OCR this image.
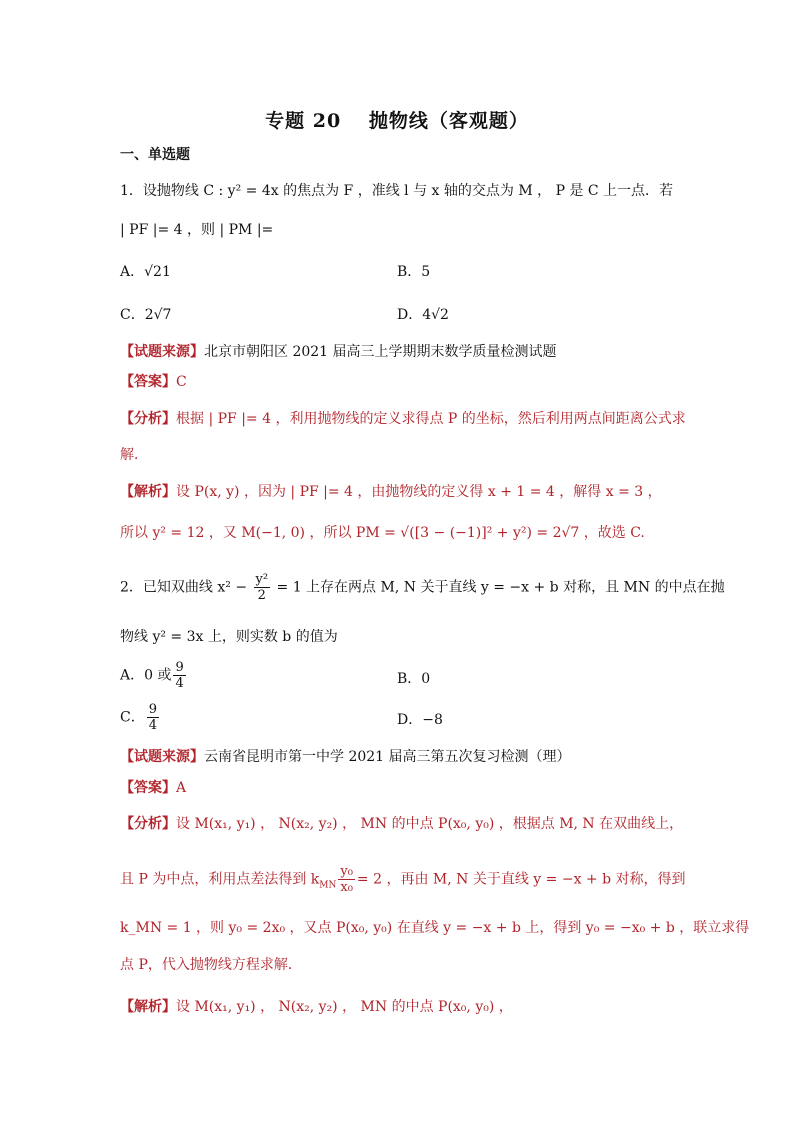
专题 20　 抛物线（客观题）
一、单选题
1．设抛物线 C : y² = 4x 的焦点为 F ，准线 l 与 x 轴的交点为 M ， P 是 C 上一点．若
| PF |= 4 ，则 | PM |=
A．√21	B．5
C．2√7	D．4√2
【试题来源】北京市朝阳区 2021 届高三上学期期末数学质量检测试题
【答案】C
【分析】根据 | PF |= 4 ，利用抛物线的定义求得点 P 的坐标，然后利用两点间距离公式求
解．
【解析】设 P(x, y) ，因为 | PF |= 4 ，由抛物线的定义得 x + 1 = 4 ，解得 x = 3 ，
所以 y² = 12 ，又 M(−1, 0) ，所以 PM = √([3 − (−1)]² + y²) = 2√7 ，故选 C.
2．已知双曲线 $x^2 - \frac{\text{y²}}{2} = 1$ 上存在两点 M, N 关于直线 y = −x + b 对称，且 MN 的中点在抛
物线 y² = 3x 上，则实数 b 的值为
A．0 或 $\frac{9}{4}$	B．0
C． $\frac{9}{4}$	D．−8
【试题来源】云南省昆明市第一中学 2021 届高三第五次复习检测（理）
【答案】A
【分析】设 M(x₁, y₁) ， N(x₂, y₂) ， MN 的中点 P(x₀, y₀) ，根据点 M, N 在双曲线上，
且 P 为中点，利用点差法得到 $k_{MN} \frac{\text{y₀}}{\text{x₀}} = 2$ ，再由 M, N 关于直线 y = −x + b 对称，得到
k_MN = 1 ，则 y₀ = 2x₀ ，又点 P(x₀, y₀) 在直线 y = −x + b 上，得到 y₀ = −x₀ + b ，联立求得
点 P，代入抛物线方程求解．
【解析】设 M(x₁, y₁) ， N(x₂, y₂) ， MN 的中点 P(x₀, y₀) ，
